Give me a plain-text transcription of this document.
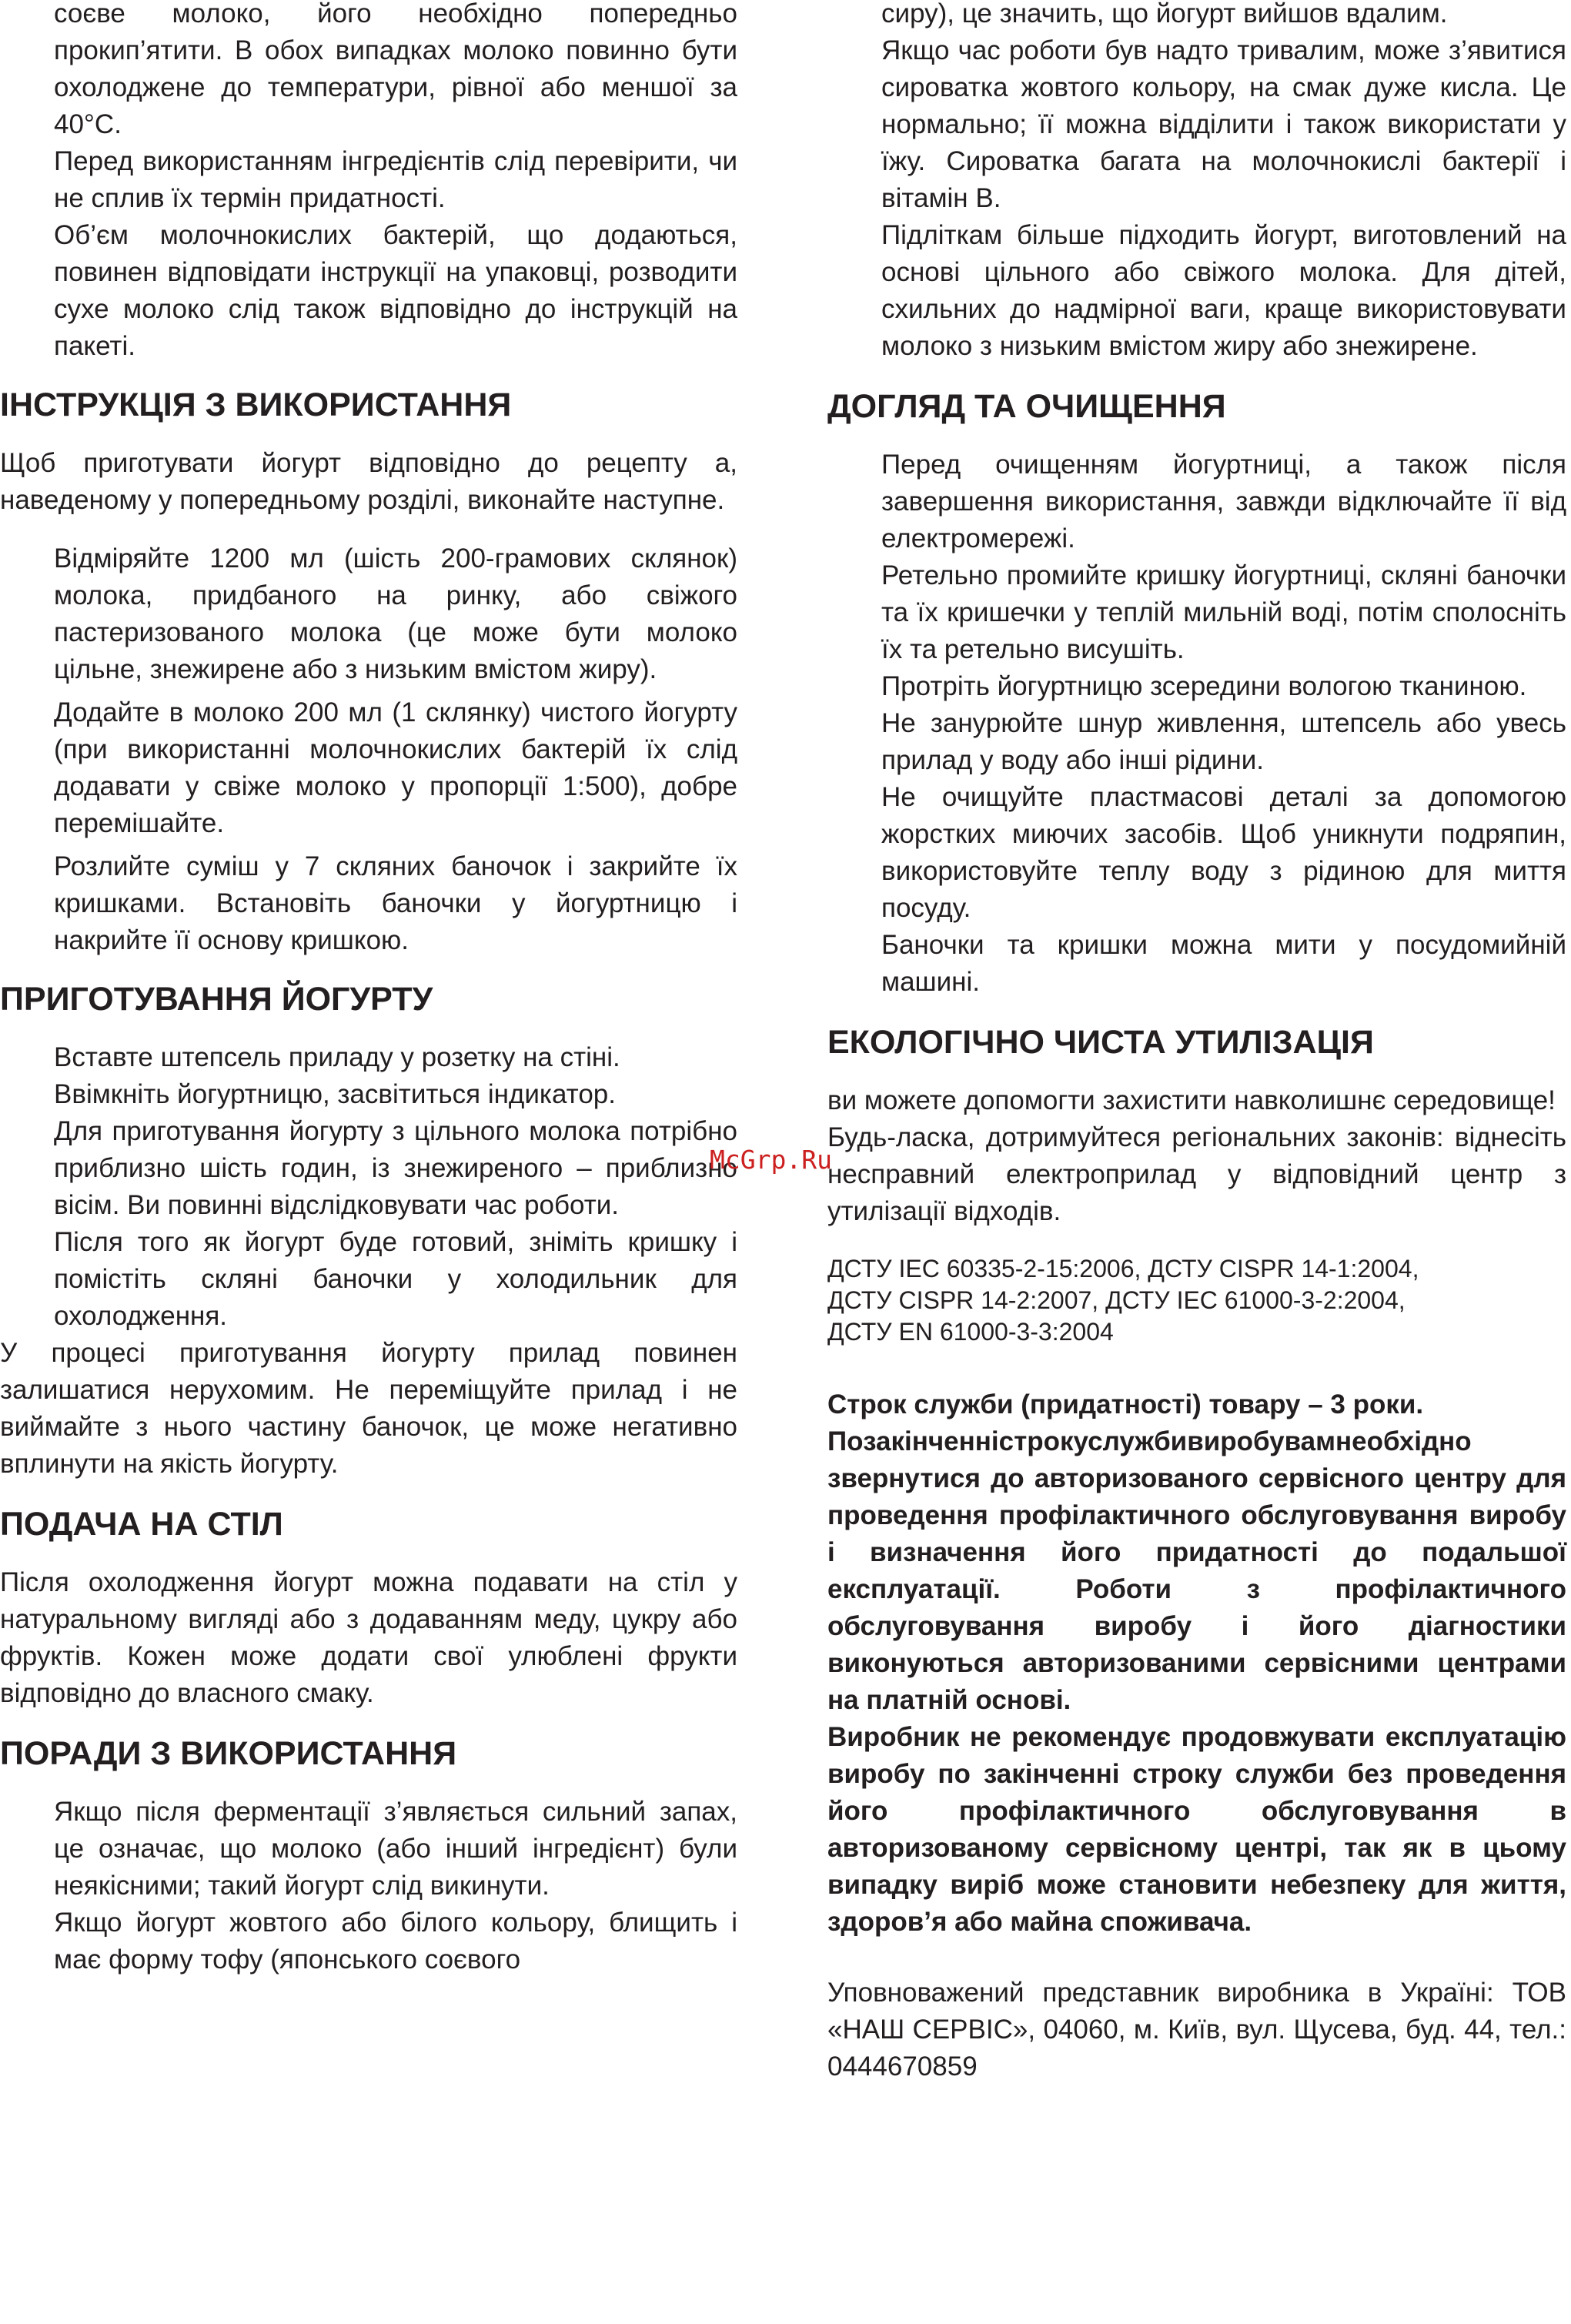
соєве молоко, його необхідно попередньо прокип’ятити. В обох випадках молоко повинно бути охолоджене до температури, рівної або меншої за 40°С.

Перед використанням інгредієнтів слід перевірити, чи не сплив їх термін придатності.

Об’єм молочнокислих бактерій, що додаються, повинен відповідати інструкції на упаковці, розводити сухе молоко слід також відповідно до інструкцій на пакеті.

ІНСТРУКЦІЯ З ВИКОРИСТАННЯ

Щоб приготувати йогурт відповідно до рецепту а, наведеному у попередньому розділі, виконайте наступне.

Відміряйте 1200 мл (шість 200-грамових склянок) молока, придбаного на ринку, або свіжого пастеризованого молока (це може бути молоко цільне, знежирене або з низьким вмістом жиру).

Додайте в молоко 200 мл (1 склянку) чистого йогурту (при використанні молочнокислих бактерій їх слід додавати у свіже молоко у пропорції 1:500), добре перемішайте.

Розлийте суміш у 7 скляних баночок і закрийте їх кришками. Встановіть баночки у йогуртницю і накрийте її основу кришкою.

ПРИГОТУВАННЯ ЙОГУРТУ

Вставте штепсель приладу у розетку на стіні.

Ввімкніть йогуртницю, засвітиться індикатор.

Для приготування йогурту з цільного молока потрібно приблизно шість годин, із знежиреного – приблизно вісім. Ви повинні відслідковувати час роботи.

Після того як йогурт буде готовий, зніміть кришку і помістіть скляні баночки у холодильник для охолодження.

У процесі приготування йогурту прилад повинен залишатися нерухомим. Не переміщуйте прилад і не виймайте з нього частину баночок, це може негативно вплинути на якість йогурту.

ПОДАЧА НА СТІЛ

Після охолодження йогурт можна подавати на стіл у натуральному вигляді або з додаванням меду, цукру або фруктів. Кожен може додати свої улюблені фрукти відповідно до власного смаку.

ПОРАДИ З ВИКОРИСТАННЯ

Якщо після ферментації з’являється сильний запах, це означає, що молоко (або інший інгредієнт) були неякісними; такий йогурт слід викинути.

Якщо йогурт жовтого або білого кольору, блищить і має форму тофу (японського соєвого

сиру), це значить, що йогурт вийшов вдалим.

Якщо час роботи був надто тривалим, може з’явитися сироватка жовтого кольору, на смак дуже кисла. Це нормально; її можна відділити і також використати у їжу. Сироватка багата на молочнокислі бактерії і вітамін В.

Підліткам більше підходить йогурт, виготовлений на основі цільного або свіжого молока. Для дітей, схильних до надмірної ваги, краще використовувати молоко з низьким вмістом жиру або знежирене.

ДОГЛЯД ТА ОЧИЩЕННЯ

Перед очищенням йогуртниці, а також після завершення використання, завжди відключайте її від електромережі.

Ретельно промийте кришку йогуртниці, скляні баночки та їх кришечки у теплій мильній воді, потім сполосніть їх та ретельно висушіть.

Протріть йогуртницю зсередини вологою тканиною.

Не занурюйте шнур живлення, штепсель або увесь прилад у воду або інші рідини.

Не очищуйте пластмасові деталі за допомогою жорстких миючих засобів. Щоб уникнути подряпин, використовуйте теплу воду з рідиною для миття посуду.

Баночки та кришки можна мити у посудомийній машині.

ЕКОЛОГІЧНО ЧИСТА УТИЛІЗАЦІЯ

ви можете допомогти захистити навколишнє середовище!

Будь-ласка, дотримуйтеся регіональних законів: віднесіть несправний електроприлад у відповідний центр з утилізації відходів.

ДСТУ IEC 60335-2-15:2006, ДСТУ CISPR 14-1:2004,

ДСТУ CISPR 14-2:2007, ДСТУ IEC 61000-3-2:2004,

ДСТУ EN 61000-3-3:2004

Строк служби (придатності) товару – 3 роки.

Позакінченністрокуслужбивиробувамнеобхідно звернутися до авторизованого сервісного центру для проведення профілактичного обслуговування виробу і визначення його придатності до подальшої експлуатації. Роботи з профілактичного обслуговування виробу і його діагностики виконуються авторизованими сервісними центрами на платній основі.

Виробник не рекомендує продовжувати експлуатацію виробу по закінченні строку служби без проведення його профілактичного обслуговування в авторизованому сервісному центрі, так як в цьому випадку виріб може становити небезпеку для життя, здоров’я або майна споживача.

Уповноважений представник виробника в Україні: ТОВ «НАШ СЕРВІС», 04060, м. Київ, вул. Щусева, буд. 44, тел.: 0444670859

McGrp.Ru
